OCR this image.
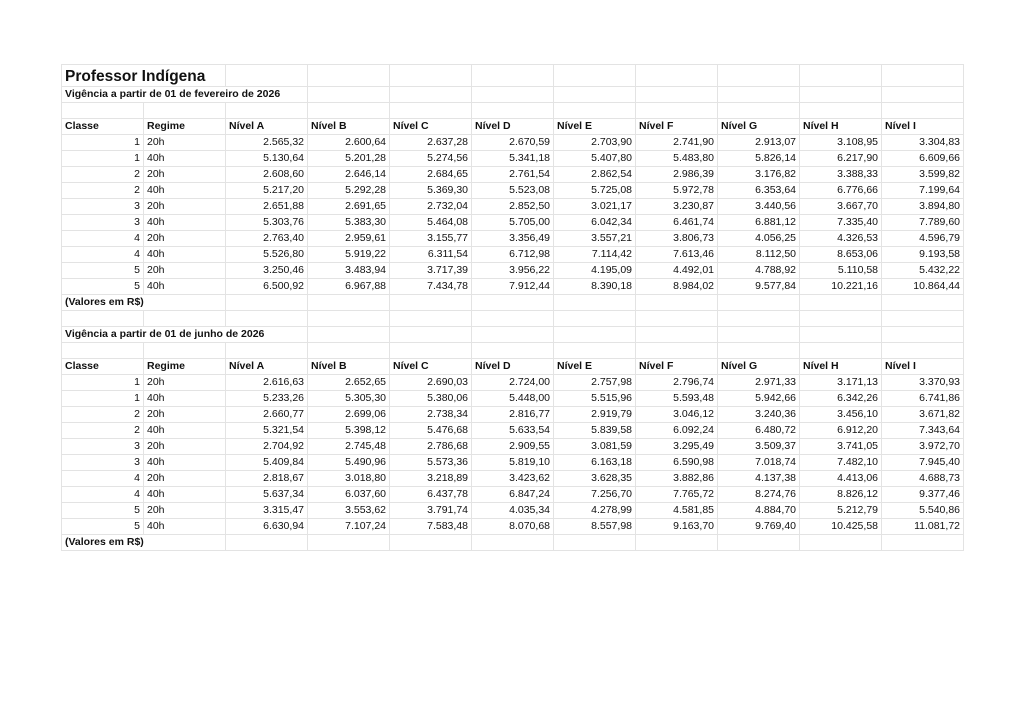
Professor Indígena										
Vigência a partir de 01 de fevereiro de 2026										

Classe	Regime	Nível A	Nível B	Nível C	Nível D	Nível E	Nível F	Nível G	Nível H	Nível I
1	20h	2.565,32	2.600,64	2.637,28	2.670,59	2.703,90	2.741,90	2.913,07	3.108,95	3.304,83
1	40h	5.130,64	5.201,28	5.274,56	5.341,18	5.407,80	5.483,80	5.826,14	6.217,90	6.609,66
2	20h	2.608,60	2.646,14	2.684,65	2.761,54	2.862,54	2.986,39	3.176,82	3.388,33	3.599,82
2	40h	5.217,20	5.292,28	5.369,30	5.523,08	5.725,08	5.972,78	6.353,64	6.776,66	7.199,64
3	20h	2.651,88	2.691,65	2.732,04	2.852,50	3.021,17	3.230,87	3.440,56	3.667,70	3.894,80
3	40h	5.303,76	5.383,30	5.464,08	5.705,00	6.042,34	6.461,74	6.881,12	7.335,40	7.789,60
4	20h	2.763,40	2.959,61	3.155,77	3.356,49	3.557,21	3.806,73	4.056,25	4.326,53	4.596,79
4	40h	5.526,80	5.919,22	6.311,54	6.712,98	7.114,42	7.613,46	8.112,50	8.653,06	9.193,58
5	20h	3.250,46	3.483,94	3.717,39	3.956,22	4.195,09	4.492,01	4.788,92	5.110,58	5.432,22
5	40h	6.500,92	6.967,88	7.434,78	7.912,44	8.390,18	8.984,02	9.577,84	10.221,16	10.864,44
(Valores em R$)										

Vigência a partir de 01 de junho de 2026										

Classe	Regime	Nível A	Nível B	Nível C	Nível D	Nível E	Nível F	Nível G	Nível H	Nível I
1	20h	2.616,63	2.652,65	2.690,03	2.724,00	2.757,98	2.796,74	2.971,33	3.171,13	3.370,93
1	40h	5.233,26	5.305,30	5.380,06	5.448,00	5.515,96	5.593,48	5.942,66	6.342,26	6.741,86
2	20h	2.660,77	2.699,06	2.738,34	2.816,77	2.919,79	3.046,12	3.240,36	3.456,10	3.671,82
2	40h	5.321,54	5.398,12	5.476,68	5.633,54	5.839,58	6.092,24	6.480,72	6.912,20	7.343,64
3	20h	2.704,92	2.745,48	2.786,68	2.909,55	3.081,59	3.295,49	3.509,37	3.741,05	3.972,70
3	40h	5.409,84	5.490,96	5.573,36	5.819,10	6.163,18	6.590,98	7.018,74	7.482,10	7.945,40
4	20h	2.818,67	3.018,80	3.218,89	3.423,62	3.628,35	3.882,86	4.137,38	4.413,06	4.688,73
4	40h	5.637,34	6.037,60	6.437,78	6.847,24	7.256,70	7.765,72	8.274,76	8.826,12	9.377,46
5	20h	3.315,47	3.553,62	3.791,74	4.035,34	4.278,99	4.581,85	4.884,70	5.212,79	5.540,86
5	40h	6.630,94	7.107,24	7.583,48	8.070,68	8.557,98	9.163,70	9.769,40	10.425,58	11.081,72
(Valores em R$)										
